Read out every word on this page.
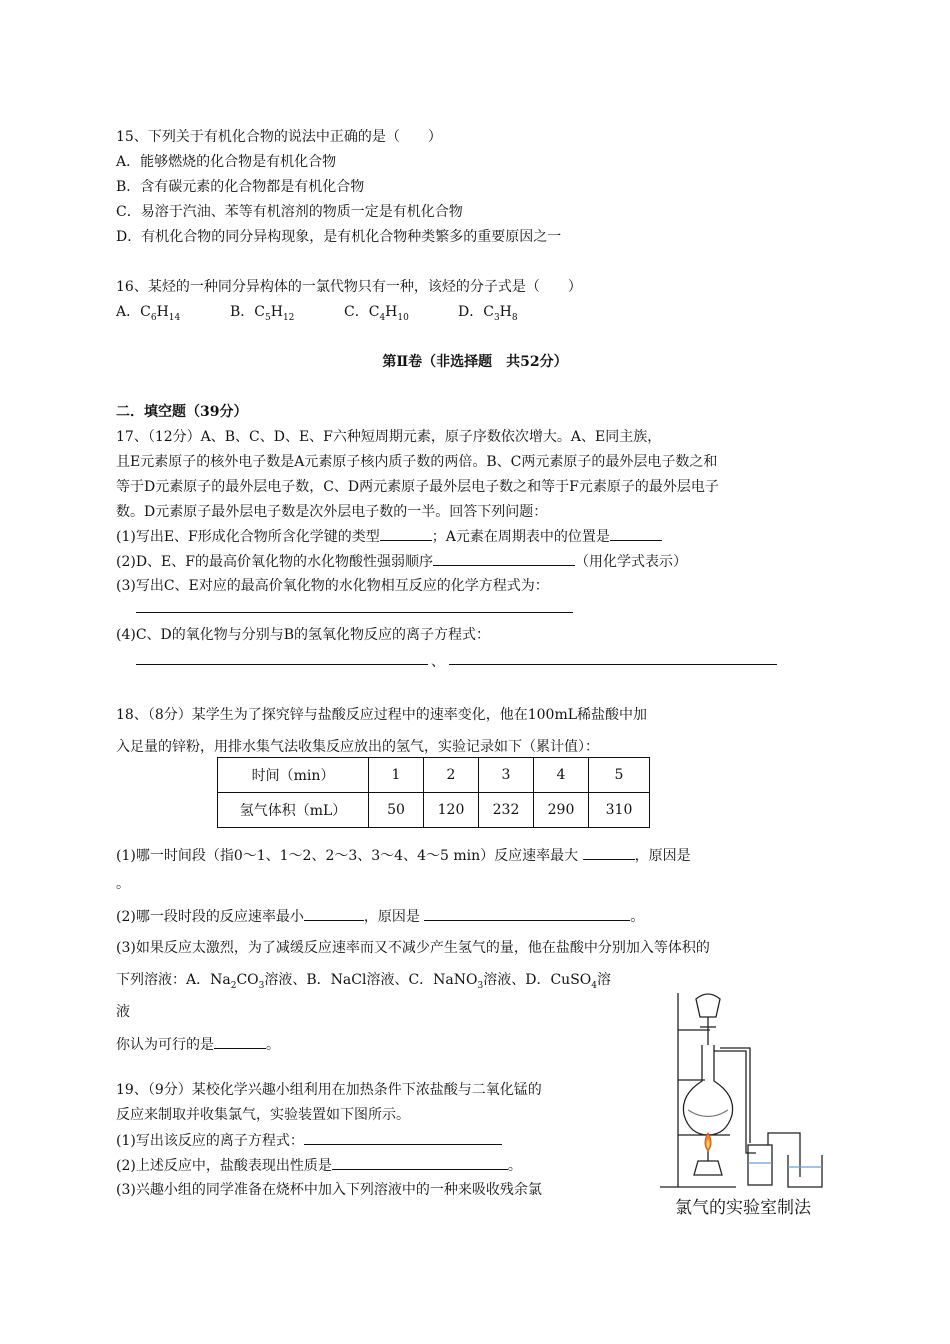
15、下列关于有机化合物的说法中正确的是（　　）
A．能够燃烧的化合物是有机化合物
B．含有碳元素的化合物都是有机化合物
C．易溶于汽油、苯等有机溶剂的物质一定是有机化合物
D．有机化合物的同分异构现象，是有机化合物种类繁多的重要原因之一
16、某烃的一种同分异构体的一氯代物只有一种，该烃的分子式是（　　）
A．$C_6H_{14}$	B．$C_5H_{12}$	C．$C_4H_{10}$	D．$C_3H_8$
第Ⅱ卷（非选择题　共52分）
二．填空题（39分）
17、（12分）A、B、C、D、E、F六种短周期元素，原子序数依次增大。A、E同主族，
且E元素原子的核外电子数是A元素原子核内质子数的两倍。B、C两元素原子的最外层电子数之和
等于D元素原子的最外层电子数，C、D两元素原子最外层电子数之和等于F元素原子的最外层电子
数。D元素原子最外层电子数是次外层电子数的一半。回答下列问题：
(1)写出E、F形成化合物所含化学键的类型	；A元素在周期表中的位置是
(2)D、E、F的最高价氧化物的水化物酸性强弱顺序	（用化学式表示）
(3)写出C、E对应的最高价氧化物的水化物相互反应的化学方程式为：
(4)C、D的氧化物与分别与B的氢氧化物反应的离子方程式：
、
18、（8分）某学生为了探究锌与盐酸反应过程中的速率变化，他在100mL稀盐酸中加
入足量的锌粉，用排水集气法收集反应放出的氢气，实验记录如下（累计值）：
时间（min）	1	2	3	4	5
氢气体积（mL）	50	120	232	290	310
(1)哪一时间段（指0～1、1～2、2～3、3～4、4～5 min）反应速率最大	，原因是
。
(2)哪一段时段的反应速率最小	，原因是	。
(3)如果反应太激烈，为了减缓反应速率而又不减少产生氢气的量，他在盐酸中分别加入等体积的
下列溶液：A．$Na_2CO_3$溶液、B．NaCl溶液、C．NaNO$_3$溶液、D．CuSO$_4$溶
液
你认为可行的是	。
19、（9分）某校化学兴趣小组利用在加热条件下浓盐酸与二氧化锰的
反应来制取并收集氯气，实验装置如下图所示。
(1)写出该反应的离子方程式：
(2)上述反应中，盐酸表现出性质是	。
(3)兴趣小组的同学准备在烧杯中加入下列溶液中的一种来吸收残余氯
氯气的实验室制法
